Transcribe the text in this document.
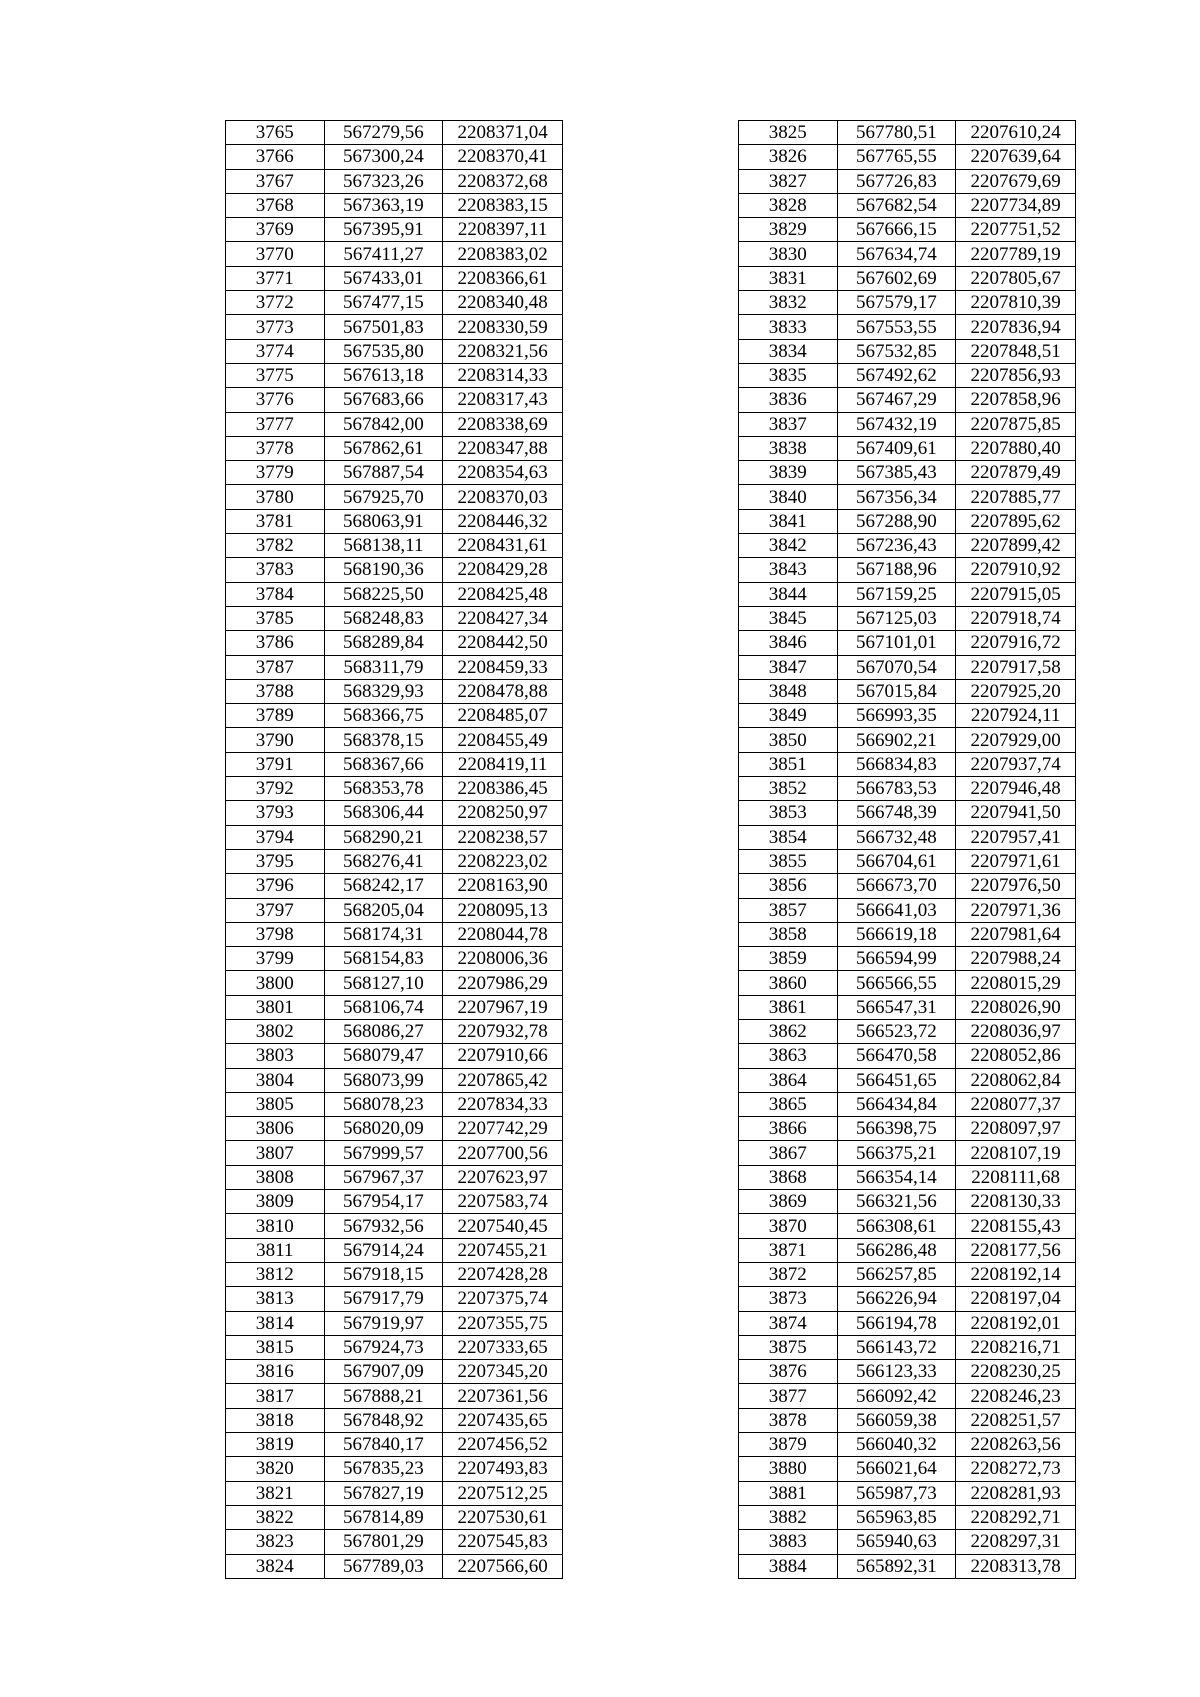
3765	567279,56	2208371,04
3766	567300,24	2208370,41
3767	567323,26	2208372,68
3768	567363,19	2208383,15
3769	567395,91	2208397,11
3770	567411,27	2208383,02
3771	567433,01	2208366,61
3772	567477,15	2208340,48
3773	567501,83	2208330,59
3774	567535,80	2208321,56
3775	567613,18	2208314,33
3776	567683,66	2208317,43
3777	567842,00	2208338,69
3778	567862,61	2208347,88
3779	567887,54	2208354,63
3780	567925,70	2208370,03
3781	568063,91	2208446,32
3782	568138,11	2208431,61
3783	568190,36	2208429,28
3784	568225,50	2208425,48
3785	568248,83	2208427,34
3786	568289,84	2208442,50
3787	568311,79	2208459,33
3788	568329,93	2208478,88
3789	568366,75	2208485,07
3790	568378,15	2208455,49
3791	568367,66	2208419,11
3792	568353,78	2208386,45
3793	568306,44	2208250,97
3794	568290,21	2208238,57
3795	568276,41	2208223,02
3796	568242,17	2208163,90
3797	568205,04	2208095,13
3798	568174,31	2208044,78
3799	568154,83	2208006,36
3800	568127,10	2207986,29
3801	568106,74	2207967,19
3802	568086,27	2207932,78
3803	568079,47	2207910,66
3804	568073,99	2207865,42
3805	568078,23	2207834,33
3806	568020,09	2207742,29
3807	567999,57	2207700,56
3808	567967,37	2207623,97
3809	567954,17	2207583,74
3810	567932,56	2207540,45
3811	567914,24	2207455,21
3812	567918,15	2207428,28
3813	567917,79	2207375,74
3814	567919,97	2207355,75
3815	567924,73	2207333,65
3816	567907,09	2207345,20
3817	567888,21	2207361,56
3818	567848,92	2207435,65
3819	567840,17	2207456,52
3820	567835,23	2207493,83
3821	567827,19	2207512,25
3822	567814,89	2207530,61
3823	567801,29	2207545,83
3824	567789,03	2207566,60
3825	567780,51	2207610,24
3826	567765,55	2207639,64
3827	567726,83	2207679,69
3828	567682,54	2207734,89
3829	567666,15	2207751,52
3830	567634,74	2207789,19
3831	567602,69	2207805,67
3832	567579,17	2207810,39
3833	567553,55	2207836,94
3834	567532,85	2207848,51
3835	567492,62	2207856,93
3836	567467,29	2207858,96
3837	567432,19	2207875,85
3838	567409,61	2207880,40
3839	567385,43	2207879,49
3840	567356,34	2207885,77
3841	567288,90	2207895,62
3842	567236,43	2207899,42
3843	567188,96	2207910,92
3844	567159,25	2207915,05
3845	567125,03	2207918,74
3846	567101,01	2207916,72
3847	567070,54	2207917,58
3848	567015,84	2207925,20
3849	566993,35	2207924,11
3850	566902,21	2207929,00
3851	566834,83	2207937,74
3852	566783,53	2207946,48
3853	566748,39	2207941,50
3854	566732,48	2207957,41
3855	566704,61	2207971,61
3856	566673,70	2207976,50
3857	566641,03	2207971,36
3858	566619,18	2207981,64
3859	566594,99	2207988,24
3860	566566,55	2208015,29
3861	566547,31	2208026,90
3862	566523,72	2208036,97
3863	566470,58	2208052,86
3864	566451,65	2208062,84
3865	566434,84	2208077,37
3866	566398,75	2208097,97
3867	566375,21	2208107,19
3868	566354,14	2208111,68
3869	566321,56	2208130,33
3870	566308,61	2208155,43
3871	566286,48	2208177,56
3872	566257,85	2208192,14
3873	566226,94	2208197,04
3874	566194,78	2208192,01
3875	566143,72	2208216,71
3876	566123,33	2208230,25
3877	566092,42	2208246,23
3878	566059,38	2208251,57
3879	566040,32	2208263,56
3880	566021,64	2208272,73
3881	565987,73	2208281,93
3882	565963,85	2208292,71
3883	565940,63	2208297,31
3884	565892,31	2208313,78
